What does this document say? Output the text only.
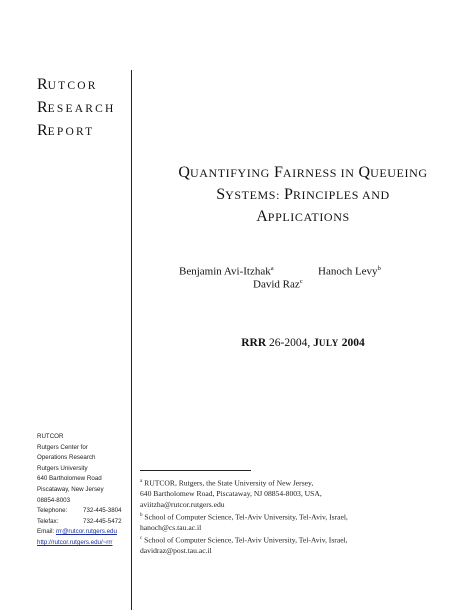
RUTCOR
RESEARCH
REPORT
QUANTIFYING FAIRNESS IN QUEUEING
SYSTEMS: PRINCIPLES AND
APPLICATIONS
Benjamin Avi-Itzhak$^a$	Hanoch Levy$^b$
David Raz$^c$
RRR 26-2004, JULY 2004
RUTCOR
Rutgers Center for
Operations Research
Rutgers University
640 Bartholomew Road
Piscataway, New Jersey
08854-8003
Telephone:	732-445-3804
Telefax:	732-445-5472
Email: rrr@rutcor.rutgers.edu
http://rutcor.rutgers.edu/~rrr
$^a$ RUTCOR, Rutgers, the State University of New Jersey,
640 Bartholomew Road, Piscataway, NJ 08854-8003, USA,
aviitzha@rutcor.rutgers.edu
$^b$ School of Computer Science, Tel-Aviv University, Tel-Aviv, Israel,
hanoch@cs.tau.ac.il
$^c$ School of Computer Science, Tel-Aviv University, Tel-Aviv, Israel,
davidraz@post.tau.ac.il
